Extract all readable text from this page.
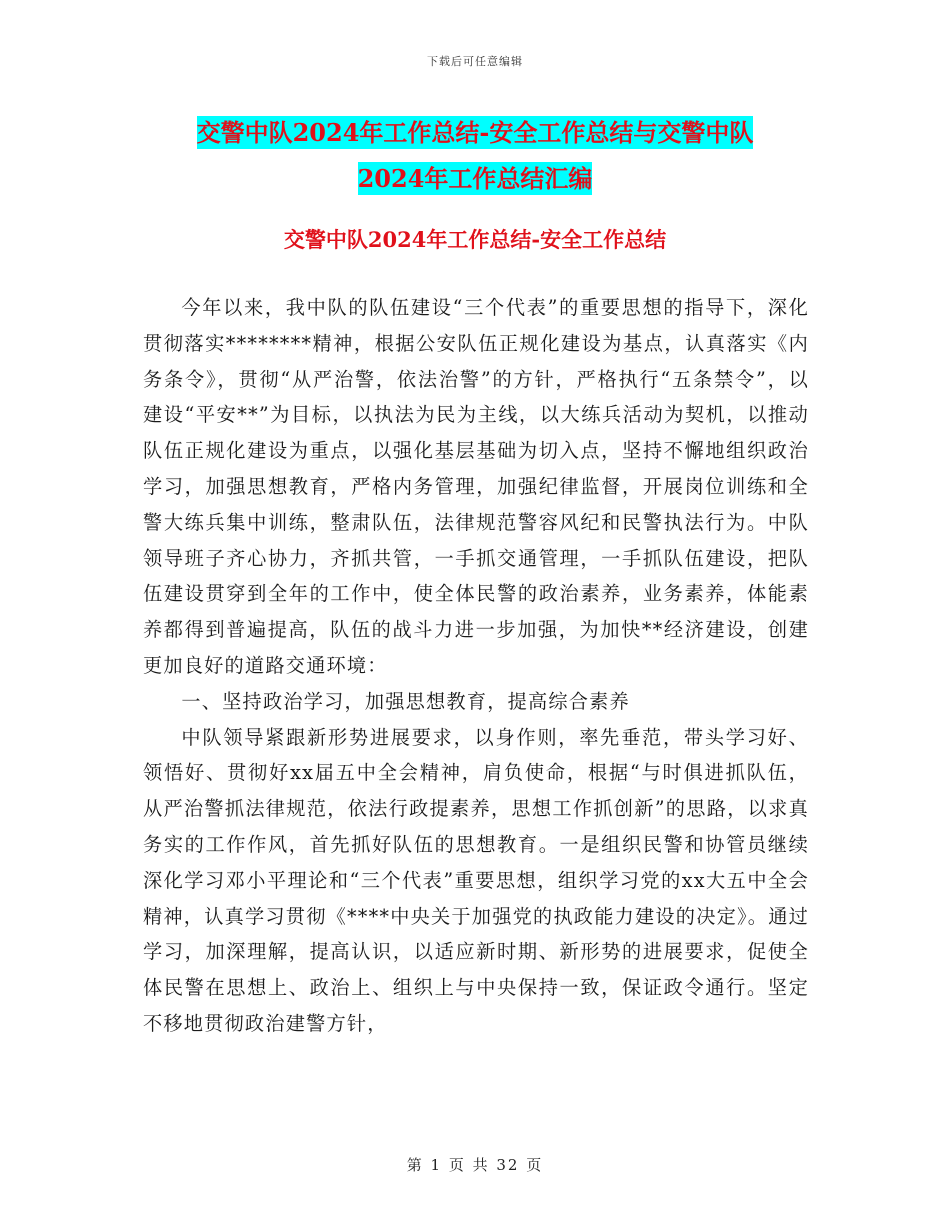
下载后可任意编辑
交警中队2024年工作总结-安全工作总结与交警中队
2024年工作总结汇编
交警中队2024年工作总结-安全工作总结

今年以来，我中队的队伍建设“三个代表”的重要思想的指导下，深化贯彻落实********精神，根据公安队伍正规化建设为基点，认真落实《内务条令》，贯彻“从严治警，依法治警”的方针，严格执行“五条禁令”，以建设“平安**”为目标，以执法为民为主线，以大练兵活动为契机，以推动队伍正规化建设为重点，以强化基层基础为切入点，坚持不懈地组织政治学习，加强思想教育，严格内务管理，加强纪律监督，开展岗位训练和全警大练兵集中训练，整肃队伍，法律规范警容风纪和民警执法行为。中队领导班子齐心协力，齐抓共管，一手抓交通管理，一手抓队伍建设，把队伍建设贯穿到全年的工作中，使全体民警的政治素养，业务素养，体能素养都得到普遍提高，队伍的战斗力进一步加强，为加快**经济建设，创建更加良好的道路交通环境：

一、坚持政治学习，加强思想教育，提高综合素养

中队领导紧跟新形势进展要求，以身作则，率先垂范，带头学习好、领悟好、贯彻好xx届五中全会精神，肩负使命，根据“与时俱进抓队伍，从严治警抓法律规范，依法行政提素养，思想工作抓创新”的思路，以求真务实的工作作风，首先抓好队伍的思想教育。一是组织民警和协管员继续深化学习邓小平理论和“三个代表”重要思想，组织学习党的xx大五中全会精神，认真学习贯彻《****中央关于加强党的执政能力建设的决定》。通过学习，加深理解，提高认识，以适应新时期、新形势的进展要求，促使全体民警在思想上、政治上、组织上与中央保持一致，保证政令通行。坚定不移地贯彻政治建警方针，

第 1 页 共 32 页
